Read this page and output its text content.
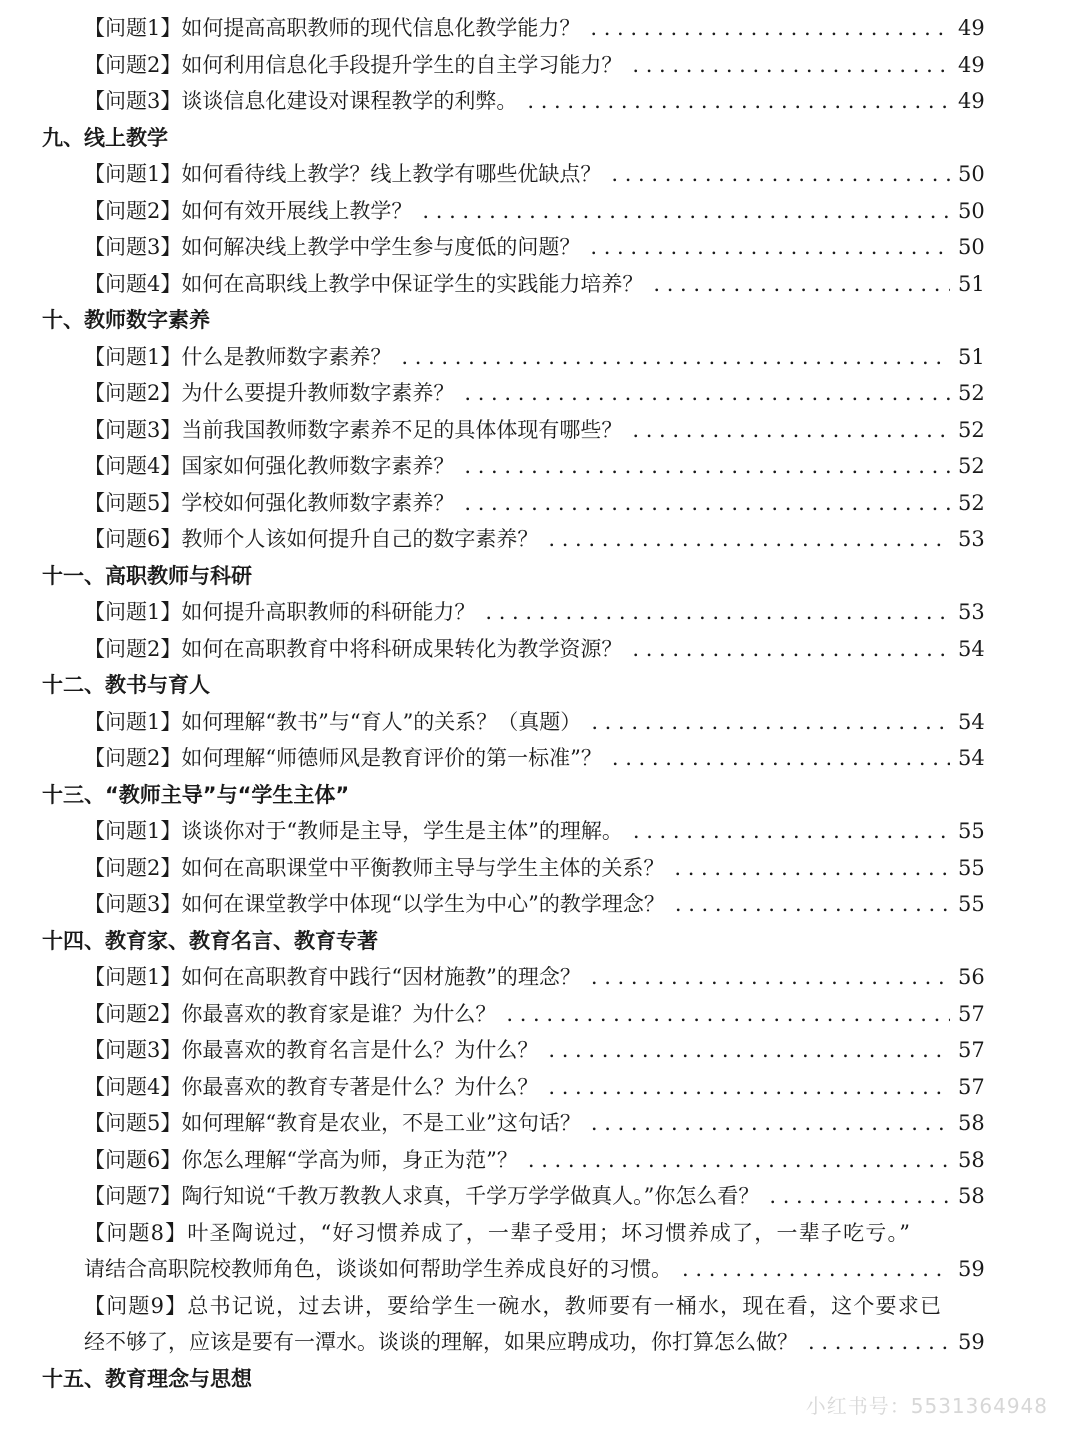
【问题1】如何提高高职教师的现代信息化教学能力？ . . .	49
【问题2】如何利用信息化手段提升学生的自主学习能力？ . . .	49
【问题3】谈谈信息化建设对课程教学的利弊。 . . .	49
九、线上教学
【问题1】如何看待线上教学？线上教学有哪些优缺点？ . . .	50
【问题2】如何有效开展线上教学？ . . .	50
【问题3】如何解决线上教学中学生参与度低的问题？ . . .	50
【问题4】如何在高职线上教学中保证学生的实践能力培养？ . . .	51
十、教师数字素养
【问题1】什么是教师数字素养？ . . .	51
【问题2】为什么要提升教师数字素养？ . . .	52
【问题3】当前我国教师数字素养不足的具体体现有哪些？ . . .	52
【问题4】国家如何强化教师数字素养？ . . .	52
【问题5】学校如何强化教师数字素养？ . . .	52
【问题6】教师个人该如何提升自己的数字素养？ . . .	53
十一、高职教师与科研
【问题1】如何提升高职教师的科研能力？ . . .	53
【问题2】如何在高职教育中将科研成果转化为教学资源？ . . .	54
十二、教书与育人
【问题1】如何理解“教书”与“育人”的关系？（真题） . . .	54
【问题2】如何理解“师德师风是教育评价的第一标准”？ . . .	54
十三、“教师主导”与“学生主体”
【问题1】谈谈你对于“教师是主导，学生是主体”的理解。 . . .	55
【问题2】如何在高职课堂中平衡教师主导与学生主体的关系？ . . .	55
【问题3】如何在课堂教学中体现“以学生为中心”的教学理念？ . . .	55
十四、教育家、教育名言、教育专著
【问题1】如何在高职教育中践行“因材施教”的理念？ . . .	56
【问题2】你最喜欢的教育家是谁？为什么？ . . .	57
【问题3】你最喜欢的教育名言是什么？为什么？ . . .	57
【问题4】你最喜欢的教育专著是什么？为什么？ . . .	57
【问题5】如何理解“教育是农业，不是工业”这句话？ . . .	58
【问题6】你怎么理解“学高为师，身正为范”？ . . .	58
【问题7】陶行知说“千教万教教人求真，千学万学学做真人。”你怎么看？ . . .	58
【问题8】叶圣陶说过，“好习惯养成了，一辈子受用；坏习惯养成了，一辈子吃亏。”
请结合高职院校教师角色，谈谈如何帮助学生养成良好的习惯。 . . .	59
【问题9】总书记说，过去讲，要给学生一碗水，教师要有一桶水，现在看，这个要求已
经不够了，应该是要有一潭水。谈谈的理解，如果应聘成功，你打算怎么做？ . . .	59
十五、教育理念与思想
小红书号：5531364948
